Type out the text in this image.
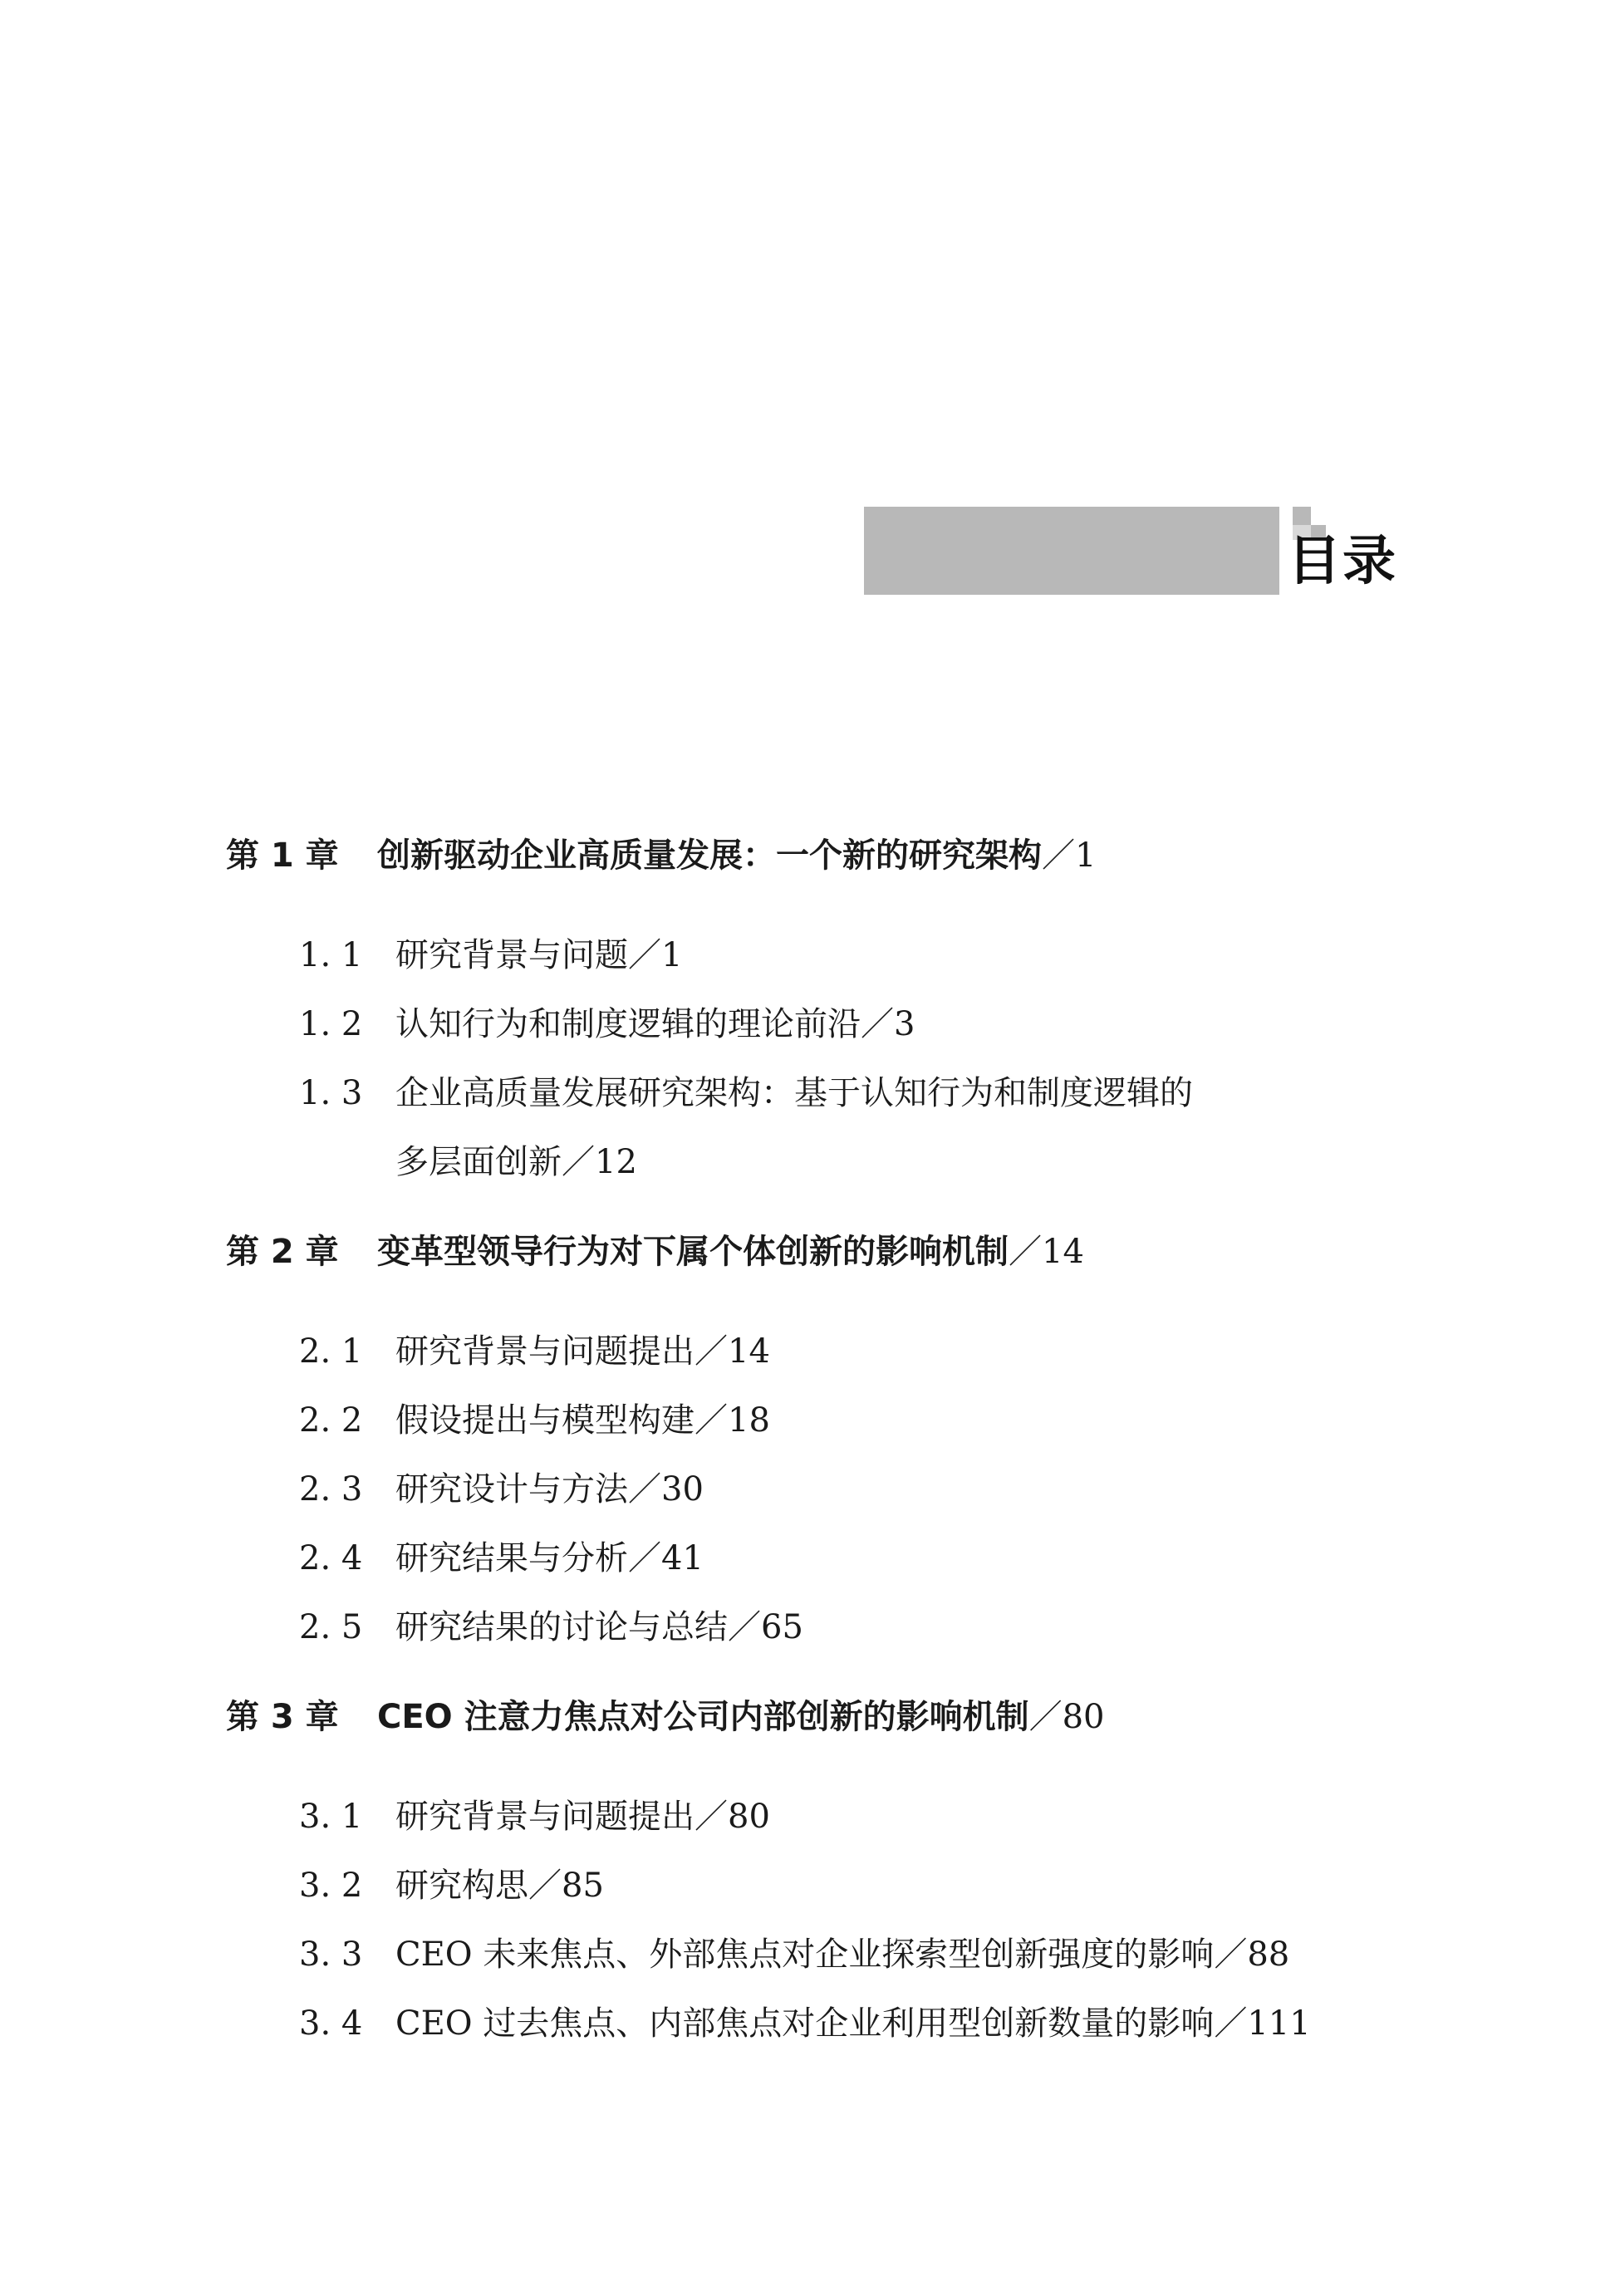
目录
第 1 章 创新驱动企业高质量发展：一个新的研究架构／1
1. 1 研究背景与问题／1
1. 2 认知行为和制度逻辑的理论前沿／3
1. 3 企业高质量发展研究架构：基于认知行为和制度逻辑的
多层面创新／12
第 2 章 变革型领导行为对下属个体创新的影响机制／14
2. 1 研究背景与问题提出／14
2. 2 假设提出与模型构建／18
2. 3 研究设计与方法／30
2. 4 研究结果与分析／41
2. 5 研究结果的讨论与总结／65
第 3 章 CEO 注意力焦点对公司内部创新的影响机制／80
3. 1 研究背景与问题提出／80
3. 2 研究构思／85
3. 3 CEO 未来焦点、外部焦点对企业探索型创新强度的影响／88
3. 4 CEO 过去焦点、内部焦点对企业利用型创新数量的影响／111
